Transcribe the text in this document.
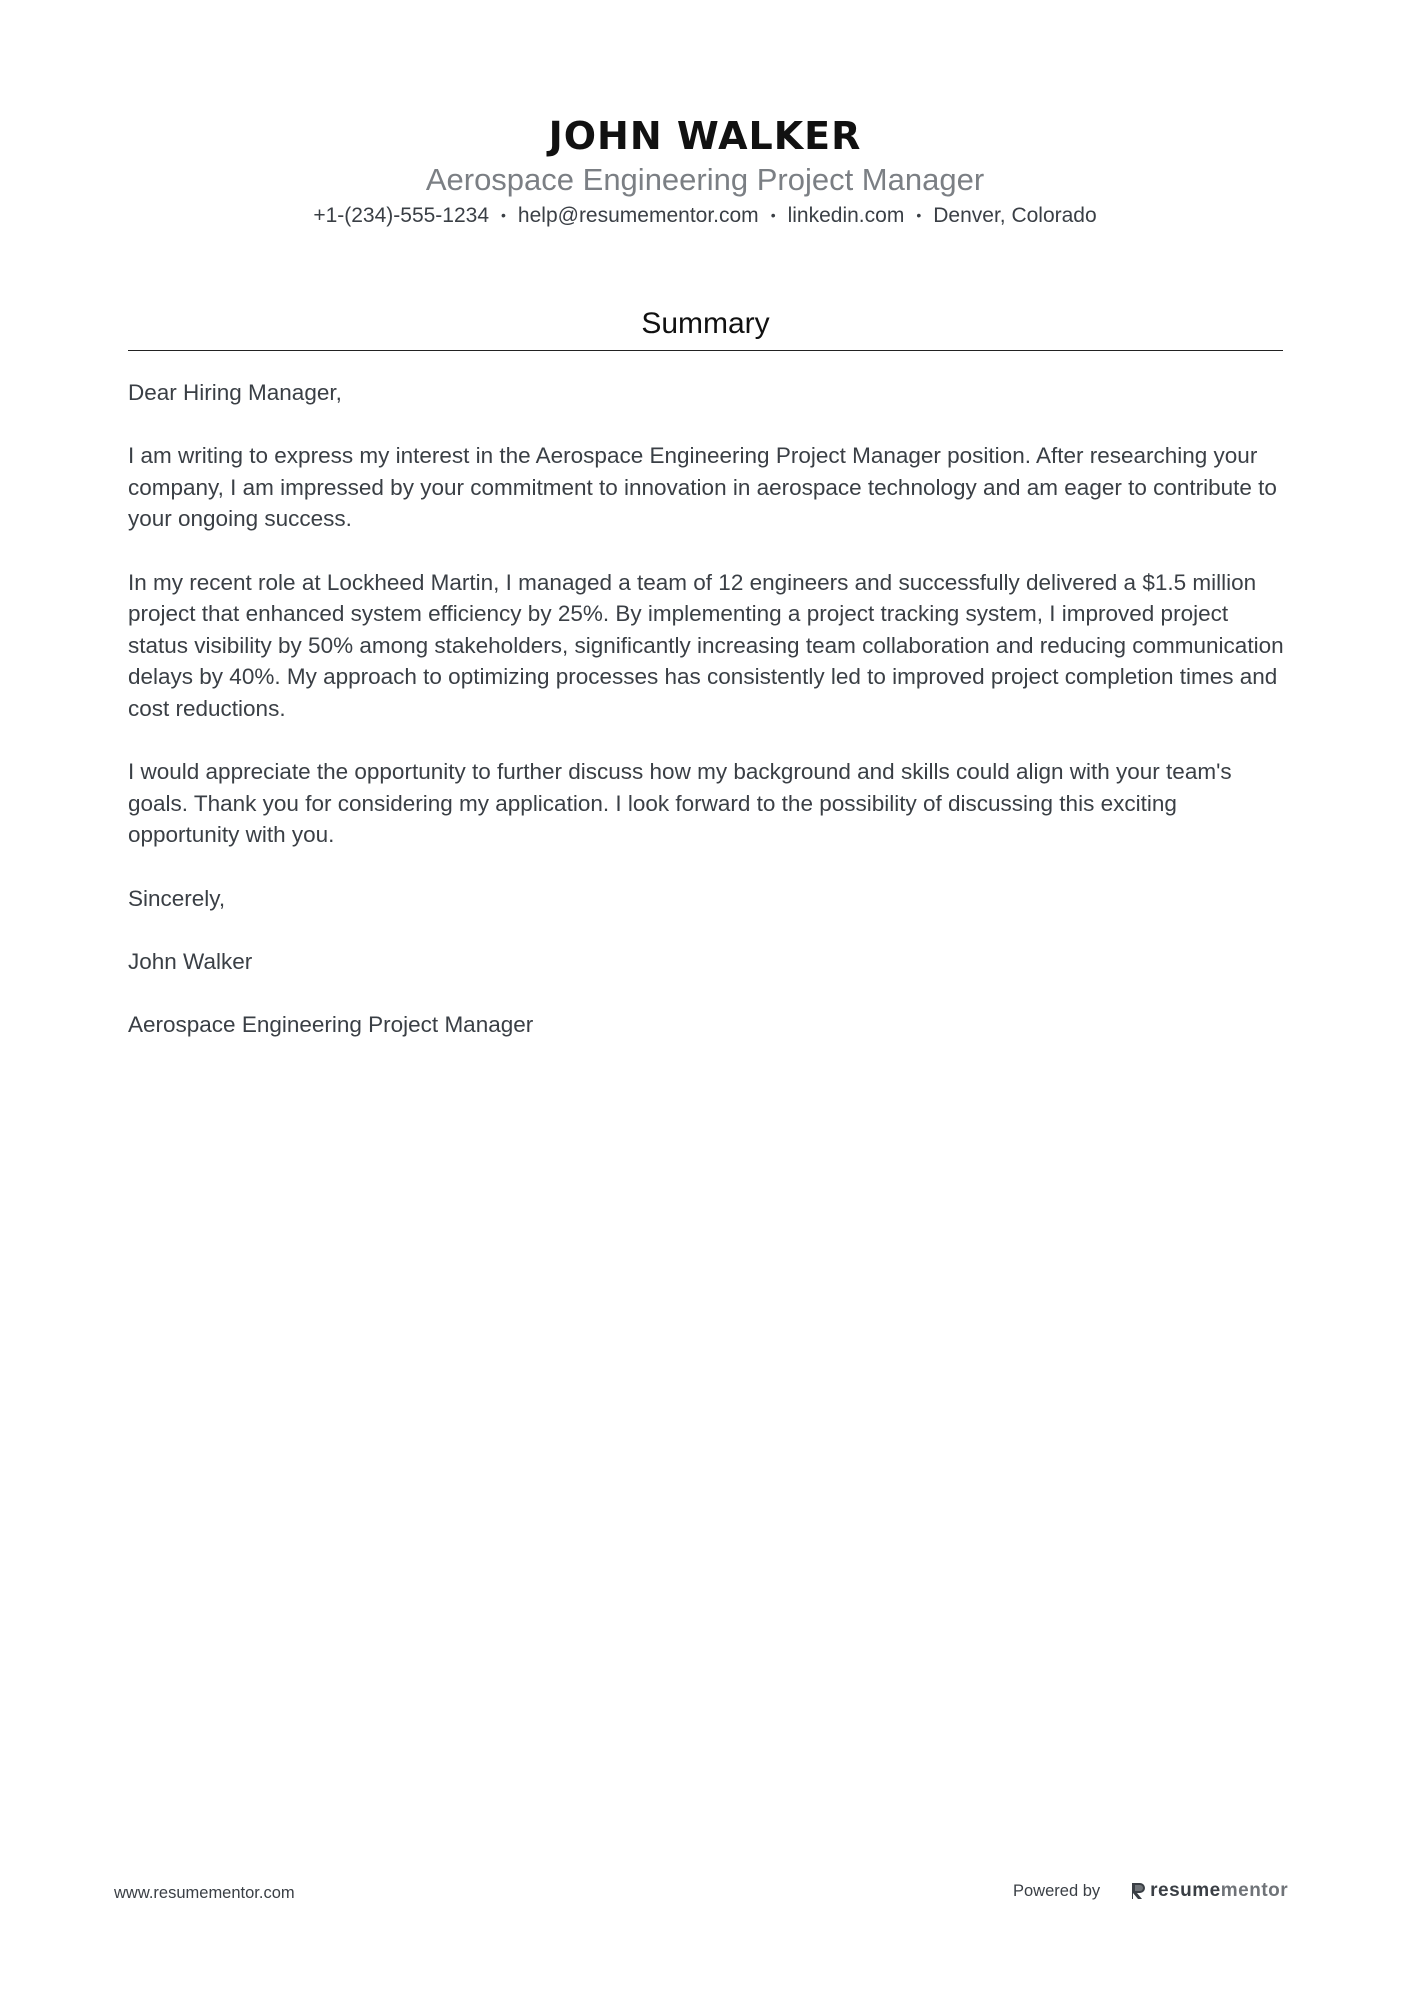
JOHN WALKER
Aerospace Engineering Project Manager
+1-(234)-555-1234 • help@resumementor.com • linkedin.com • Denver, Colorado
Summary

Dear Hiring Manager,

I am writing to express my interest in the Aerospace Engineering Project Manager position. After researching your company, I am impressed by your commitment to innovation in aerospace technology and am eager to contribute to your ongoing success.

In my recent role at Lockheed Martin, I managed a team of 12 engineers and successfully delivered a $1.5 million project that enhanced system efficiency by 25%. By implementing a project tracking system, I improved project status visibility by 50% among stakeholders, significantly increasing team collaboration and reducing communication delays by 40%. My approach to optimizing processes has consistently led to improved project completion times and cost reductions.

I would appreciate the opportunity to further discuss how my background and skills could align with your team's goals. Thank you for considering my application. I look forward to the possibility of discussing this exciting opportunity with you.

Sincerely,

John Walker

Aerospace Engineering Project Manager

www.resumementor.com	Powered by	resumementor
